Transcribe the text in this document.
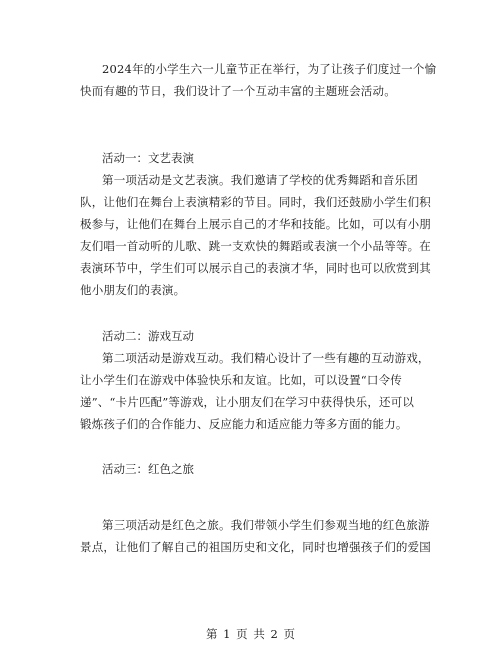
2024年的小学生六一儿童节正在举行，为了让孩子们度过一个愉
快而有趣的节日，我们设计了一个互动丰富的主题班会活动。

活动一：文艺表演

第一项活动是文艺表演。我们邀请了学校的优秀舞蹈和音乐团
队，让他们在舞台上表演精彩的节目。同时，我们还鼓励小学生们积
极参与，让他们在舞台上展示自己的才华和技能。比如，可以有小朋
友们唱一首动听的儿歌、跳一支欢快的舞蹈或表演一个小品等等。在
表演环节中，学生们可以展示自己的表演才华，同时也可以欣赏到其
他小朋友们的表演。

活动二：游戏互动

第二项活动是游戏互动。我们精心设计了一些有趣的互动游戏，
让小学生们在游戏中体验快乐和友谊。比如，可以设置“口令传
递”、“卡片匹配”等游戏，让小朋友们在学习中获得快乐，还可以
锻炼孩子们的合作能力、反应能力和适应能力等多方面的能力。

活动三：红色之旅

第三项活动是红色之旅。我们带领小学生们参观当地的红色旅游
景点，让他们了解自己的祖国历史和文化，同时也增强孩子们的爱国
第 1 页 共 2 页
